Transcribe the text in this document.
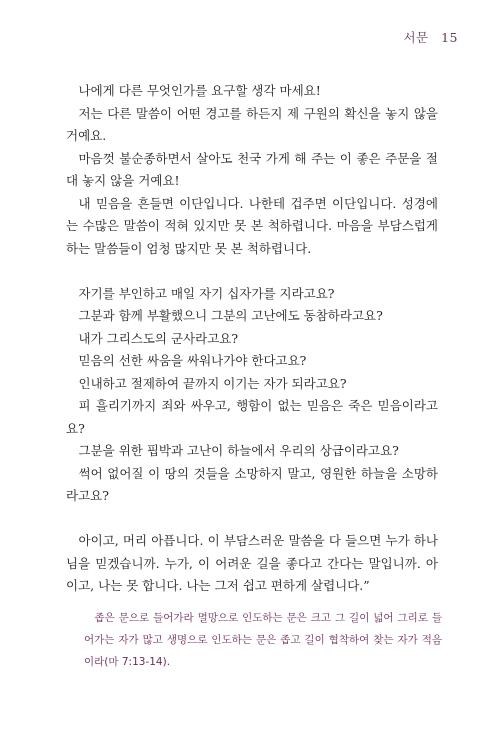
서문 15

나에게 다른 무엇인가를 요구할 생각 마세요!

저는 다른 말씀이 어떤 경고를 하든지 제 구원의 확신을 놓지 않을 거예요.

마음껏 불순종하면서 살아도 천국 가게 해 주는 이 좋은 주문을 절대 놓지 않을 거예요!

내 믿음을 흔들면 이단입니다. 나한테 겁주면 이단입니다. 성경에는 수많은 말씀이 적혀 있지만 못 본 척하렵니다. 마음을 부담스럽게 하는 말씀들이 엄청 많지만 못 본 척하렵니다.

자기를 부인하고 매일 자기 십자가를 지라고요?

그분과 함께 부활했으니 그분의 고난에도 동참하라고요?

내가 그리스도의 군사라고요?

믿음의 선한 싸움을 싸워나가야 한다고요?

인내하고 절제하여 끝까지 이기는 자가 되라고요?

피 흘리기까지 죄와 싸우고, 행함이 없는 믿음은 죽은 믿음이라고요?

그분을 위한 핍박과 고난이 하늘에서 우리의 상급이라고요?

썩어 없어질 이 땅의 것들을 소망하지 말고, 영원한 하늘을 소망하라고요?

아이고, 머리 아픕니다. 이 부담스러운 말씀을 다 들으면 누가 하나님을 믿겠습니까. 누가, 이 어려운 길을 좋다고 간다는 말입니까. 아이고, 나는 못 합니다. 나는 그저 쉽고 편하게 살렵니다.”

좁은 문으로 들어가라 멸망으로 인도하는 문은 크고 그 길이 넓어 그리로 들어가는 자가 많고 생명으로 인도하는 문은 좁고 길이 협착하여 찾는 자가 적음이라(마 7:13-14).
